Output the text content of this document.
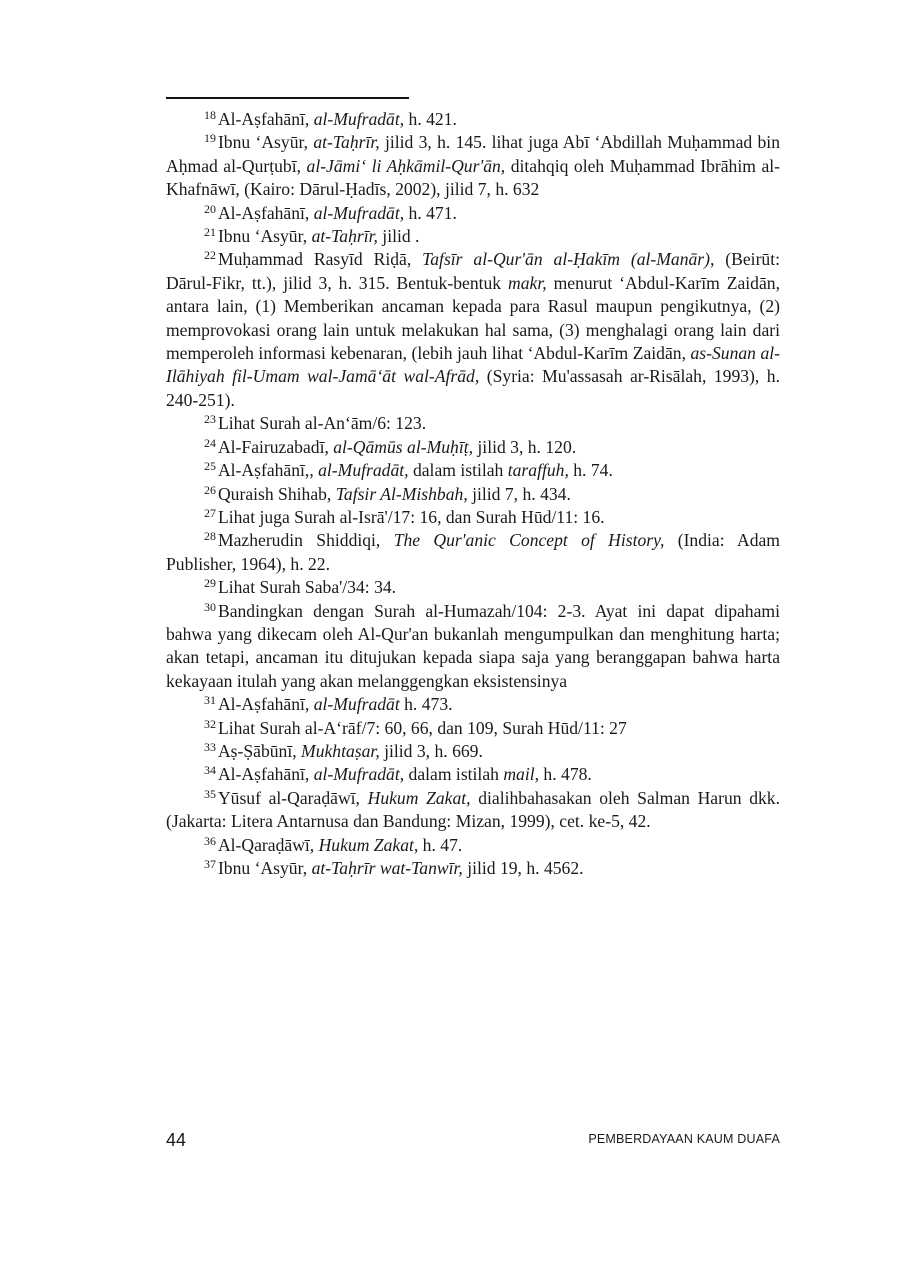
$^{18}$ Al-Aṣfahānī, al-Mufradāt, h. 421.

$^{19}$ Ibnu ‘Asyūr, at-Taḥrīr, jilid 3, h. 145. lihat juga Abī ‘Abdillah Muḥammad bin Aḥmad al-Qurṭubī, al-Jāmi‘ li Aḥkāmil-Qur'ān, ditahqiq oleh Muḥammad Ibrāhim al-Khafnāwī, (Kairo: Dārul-Ḥadīs, 2002), jilid 7, h. 632

$^{20}$ Al-Aṣfahānī, al-Mufradāt, h. 471.

$^{21}$ Ibnu ‘Asyūr, at-Taḥrīr, jilid .

$^{22}$ Muḥammad Rasyīd Riḍā, Tafsīr al-Qur'ān al-Ḥakīm (al-Manār), (Beirūt: Dārul-Fikr, tt.), jilid 3, h. 315. Bentuk-bentuk makr, menurut ‘Abdul-Karīm Zaidān, antara lain, (1) Memberikan ancaman kepada para Rasul maupun pengikutnya, (2) memprovokasi orang lain untuk melakukan hal sama, (3) menghalagi orang lain dari memperoleh informasi kebenaran, (lebih jauh lihat ‘Abdul-Karīm Zaidān, as-Sunan al-Ilāhiyah fil-Umam wal-Jamā‘āt wal-Afrād, (Syria: Mu'assasah ar-Risālah, 1993), h. 240-251).

$^{23}$ Lihat Surah al-An‘ām/6: 123.

$^{24}$ Al-Fairuzabadī, al-Qāmūs al-Muḥīṭ, jilid 3, h. 120.

$^{25}$ Al-Aṣfahānī,, al-Mufradāt, dalam istilah taraffuh, h. 74.

$^{26}$ Quraish Shihab, Tafsir Al-Mishbah, jilid 7, h. 434.

$^{27}$ Lihat juga Surah al-Isrā'/17: 16, dan Surah Hūd/11: 16.

$^{28}$ Mazherudin Shiddiqi, The Qur'anic Concept of History, (India: Adam Publisher, 1964), h. 22.

$^{29}$ Lihat Surah Saba'/34: 34.

$^{30}$ Bandingkan dengan Surah al-Humazah/104: 2-3. Ayat ini dapat dipahami bahwa yang dikecam oleh Al-Qur'an bukanlah mengumpulkan dan menghitung harta; akan tetapi, ancaman itu ditujukan kepada siapa saja yang beranggapan bahwa harta kekayaan itulah yang akan melanggengkan eksistensinya

$^{31}$ Al-Aṣfahānī, al-Mufradāt h. 473.

$^{32}$ Lihat Surah al-A‘rāf/7: 60, 66, dan 109, Surah Hūd/11: 27

$^{33}$ Aṣ-Ṣābūnī, Mukhtaṣar, jilid 3, h. 669.

$^{34}$ Al-Aṣfahānī, al-Mufradāt, dalam istilah mail, h. 478.

$^{35}$ Yūsuf al-Qaraḍāwī, Hukum Zakat, dialihbahasakan oleh Salman Harun dkk. (Jakarta: Litera Antarnusa dan Bandung: Mizan, 1999), cet. ke-5, 42.

$^{36}$ Al-Qaraḍāwī, Hukum Zakat, h. 47.

$^{37}$ Ibnu ‘Asyūr, at-Taḥrīr wat-Tanwīr, jilid 19, h. 4562.

44	PEMBERDAYAAN KAUM DUAFA
